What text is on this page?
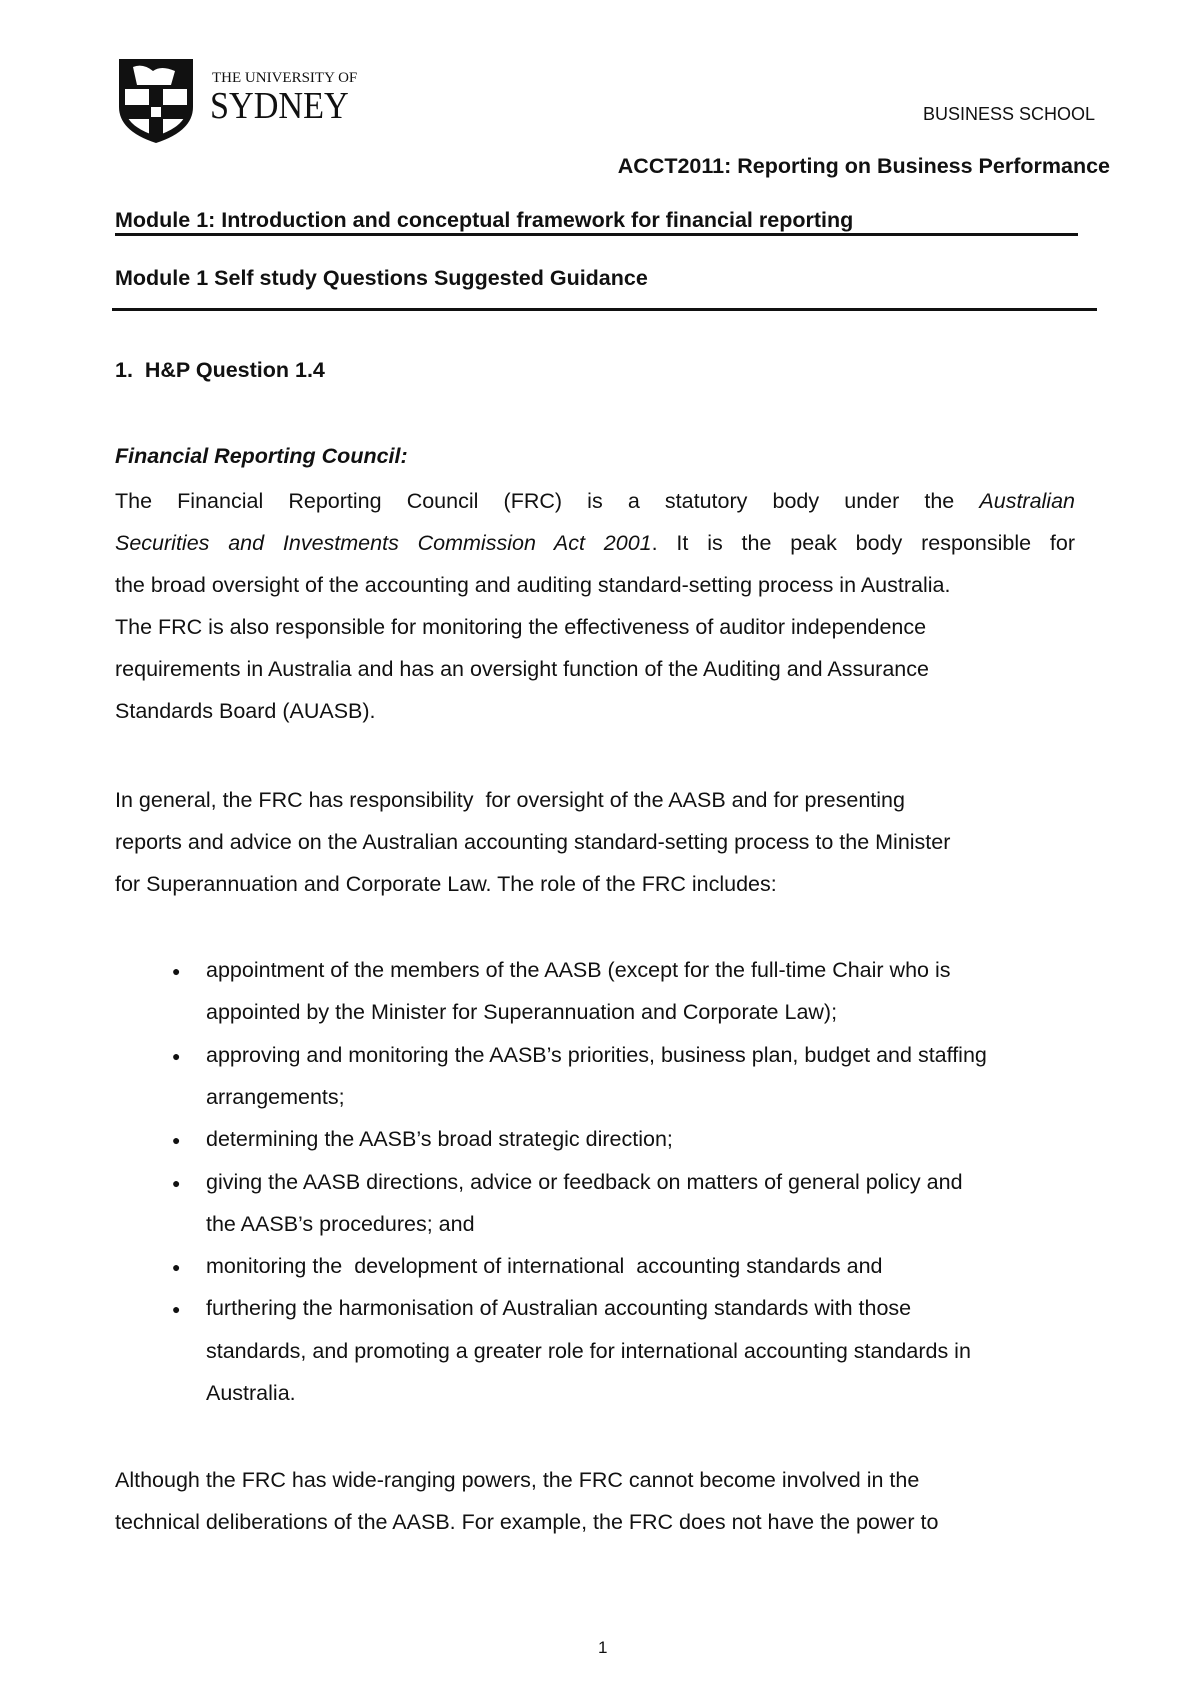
THE UNIVERSITY OF
SYDNEY	BUSINESS SCHOOL
ACCT2011: Reporting on Business Performance
Module 1: Introduction and conceptual framework for financial reporting
Module 1 Self study Questions Suggested Guidance
1.  H&P Question 1.4
Financial Reporting Council:
The Financial Reporting Council (FRC) is a statutory body under the Australian
Securities and Investments Commission Act 2001. It is the peak body responsible for
the broad oversight of the accounting and auditing standard-setting process in Australia.
The FRC is also responsible for monitoring the effectiveness of auditor independence
requirements in Australia and has an oversight function of the Auditing and Assurance
Standards Board (AUASB).
In general, the FRC has responsibility  for oversight of the AASB and for presenting
reports and advice on the Australian accounting standard-setting process to the Minister
for Superannuation and Corporate Law. The role of the FRC includes:
● appointment of the members of the AASB (except for the full-time Chair who is
appointed by the Minister for Superannuation and Corporate Law);
● approving and monitoring the AASB’s priorities, business plan, budget and staffing
arrangements;
● determining the AASB’s broad strategic direction;
● giving the AASB directions, advice or feedback on matters of general policy and
the AASB’s procedures; and
● monitoring the  development of international  accounting standards and
● furthering the harmonisation of Australian accounting standards with those
standards, and promoting a greater role for international accounting standards in
Australia.
Although the FRC has wide-ranging powers, the FRC cannot become involved in the
technical deliberations of the AASB. For example, the FRC does not have the power to
1
